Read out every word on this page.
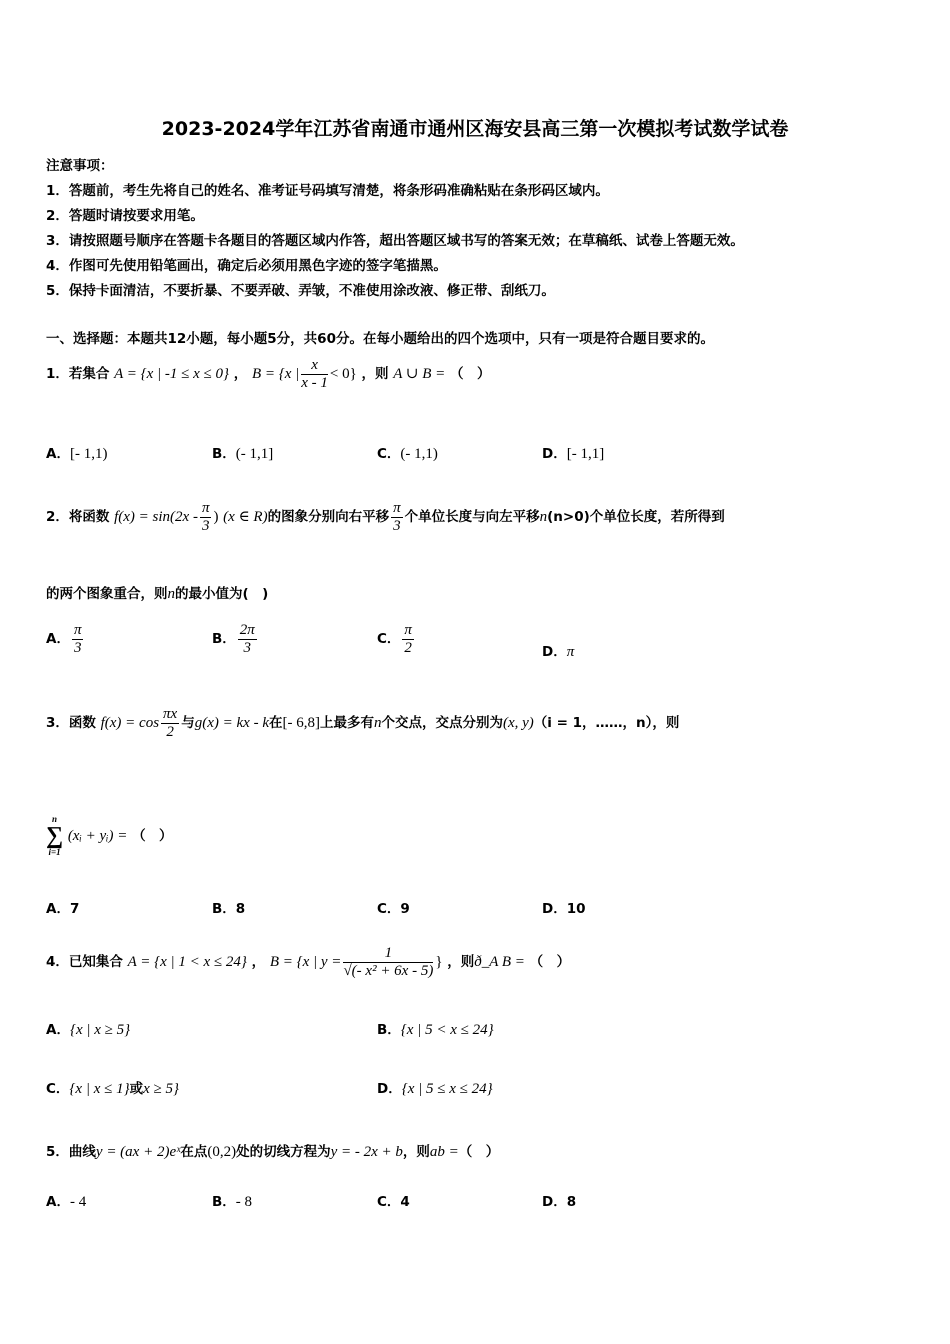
2023-2024学年江苏省南通市通州区海安县高三第一次模拟考试数学试卷
注意事项：
1．答题前，考生先将自己的姓名、准考证号码填写清楚，将条形码准确粘贴在条形码区域内。
2．答题时请按要求用笔。
3．请按照题号顺序在答题卡各题目的答题区域内作答，超出答题区域书写的答案无效；在草稿纸、试卷上答题无效。
4．作图可先使用铅笔画出，确定后必须用黑色字迹的签字笔描黑。
5．保持卡面清洁，不要折暴、不要弄破、弄皱，不准使用涂改液、修正带、刮纸刀。
一、选择题：本题共12小题，每小题5分，共60分。在每小题给出的四个选项中，只有一项是符合题目要求的。
1．若集合 A = {x | -1 ≤ x ≤ 0} ， B = {x | $\frac{x}{x - 1} < 0$} ，则 A ∪ B = （　）
A．[- 1,1)	B．(- 1,1]	C．(- 1,1)	D．[- 1,1]
2．将函数 $f(x) = \sin(2x - \frac{\pi}{3}$ ) (x ∈ R)的图象分别向右平移 $\frac{\pi}{3}$ 个单位长度与向左平移n(n>0)个单位长度，若所得到
的两个图象重合，则n的最小值为(　)
A． $\frac{\pi}{3}$	B． $\frac{2\pi}{3}$	C． $\frac{\pi}{2}$	D．π
3．函数 $f(x) = \cos \frac{\pi x}{2}$ 与g(x) = kx - k在[- 6,8]上最多有n个交点，交点分别为(x, y)（i = 1，……，n），则
n
∑
i=1
(xᵢ + yᵢ) = （　）
A．7	B．8	C．9	D．10
4．已知集合 A = {x | 1 < x ≤ 24} ， B = {x | $y = \frac{1}{\text{√(- x² + 6x - 5)}}$ } ，则ð_A B = （　）
A．{x | x ≥ 5}	B．{x | 5 < x ≤ 24}
C．{x | x ≤ 1}或x ≥ 5}	D．{x | 5 ≤ x ≤ 24}
5．曲线y = (ax + 2)eˣ在点(0,2)处的切线方程为y = - 2x + b，则ab =（　）
A．- 4	B．- 8	C．4	D．8
